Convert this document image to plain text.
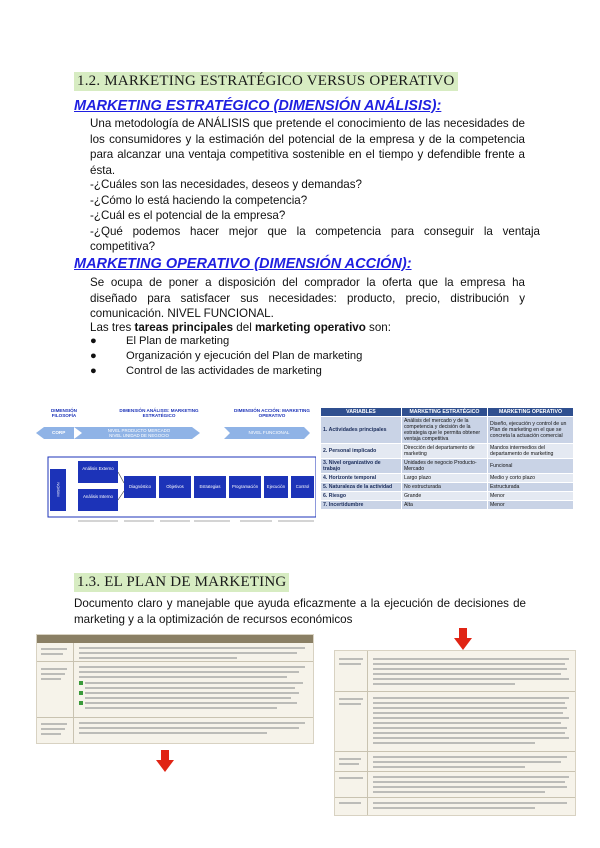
1.2. MARKETING ESTRATÉGICO VERSUS OPERATIVO
MARKETING ESTRATÉGICO (DIMENSIÓN ANÁLISIS):
Una metodología de ANÁLISIS que pretende el conocimiento de las necesidades de los consumidores y la estimación del potencial de la empresa y de la competencia para alcanzar una ventaja competitiva sostenible en el tiempo y defendible frente a ésta.
-¿Cuáles son las necesidades, deseos y demandas?
-¿Cómo lo está haciendo la competencia?
-¿Cuál es el potencial de la empresa?
-¿Qué podemos hacer mejor que la competencia para conseguir la ventaja competitiva?
MARKETING OPERATIVO (DIMENSIÓN ACCIÓN):
Se ocupa de poner a disposición del comprador la oferta que la empresa ha diseñado para satisfacer sus necesidades: producto, precio, distribución y comunicación. NIVEL FUNCIONAL.
Las tres tareas principales del marketing operativo son:
●	El Plan de marketing
●	Organización y ejecución del Plan de marketing
●	Control de las actividades de marketing
DIMENSIÓN FILOSOFÍA
DIMENSIÓN ANÁLISIS: MARKETING ESTRATÉGICO
DIMENSIÓN ACCIÓN: MARKETING OPERATIVO
CORP	NIVEL PRODUCTO MERCADO
NIVEL UNIDAD DE NEGOCIO
NIVEL FUNCIONAL
MISIÓN
Análisis Externo
Análisis Interno
Diagnóstico	Objetivos	Estrategias	Programación	Ejecución	Control
VARIABLES	MARKETING ESTRATÉGICO	MARKETING OPERATIVO
1. Actividades principales	Análisis del mercado y de la competencia y decisión de la estrategia que le permita obtener ventaja competitiva	Diseño, ejecución y control de un Plan de marketing en el que se concreta la actuación comercial
2. Personal implicado	Dirección del departamento de marketing	Mandos intermedios del departamento de marketing
3. Nivel organizativo de trabajo	Unidades de negocio Producto-Mercado	Funcional
4. Horizonte temporal	Largo plazo	Medio y corto plazo
5. Naturaleza de la actividad	No estructurada	Estructurada
6. Riesgo	Grande	Menor
7. Incertidumbre	Alta	Menor
1.3. EL PLAN DE MARKETING
Documento claro y manejable que ayuda eficazmente a la ejecución de decisiones de marketing y a la optimización de recursos económicos
